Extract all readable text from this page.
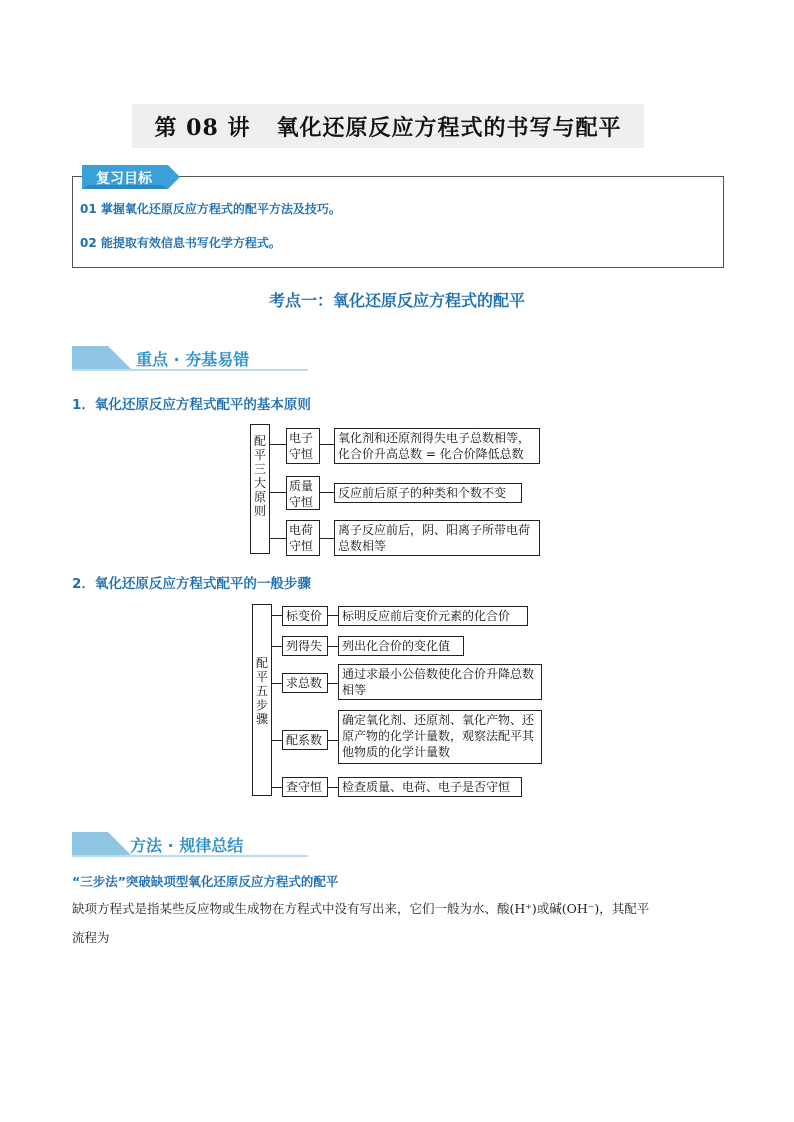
第 08 讲 氧化还原反应方程式的书写与配平
复习目标
01 掌握氧化还原反应方程式的配平方法及技巧。
02 能提取有效信息书写化学方程式。
考点一：氧化还原反应方程式的配平
重点 · 夯基易错
1．氧化还原反应方程式配平的基本原则
配平三大原则
电子守恒
氧化剂和还原剂得失电子总数相等，化合价升高总数 = 化合价降低总数
质量守恒
反应前后原子的种类和个数不变
电荷守恒
离子反应前后，阴、阳离子所带电荷总数相等
2．氧化还原反应方程式配平的一般步骤
配平五步骤
标变价	标明反应前后变价元素的化合价
列得失	列出化合价的变化值
求总数
通过求最小公倍数使化合价升降总数相等
配系数
确定氧化剂、还原剂、氧化产物、还原产物的化学计量数，观察法配平其他物质的化学计量数
查守恒	检查质量、电荷、电子是否守恒
方法 · 规律总结
“三步法”突破缺项型氧化还原反应方程式的配平
缺项方程式是指某些反应物或生成物在方程式中没有写出来，它们一般为水、酸(H⁺)或碱(OH⁻)，其配平
流程为
